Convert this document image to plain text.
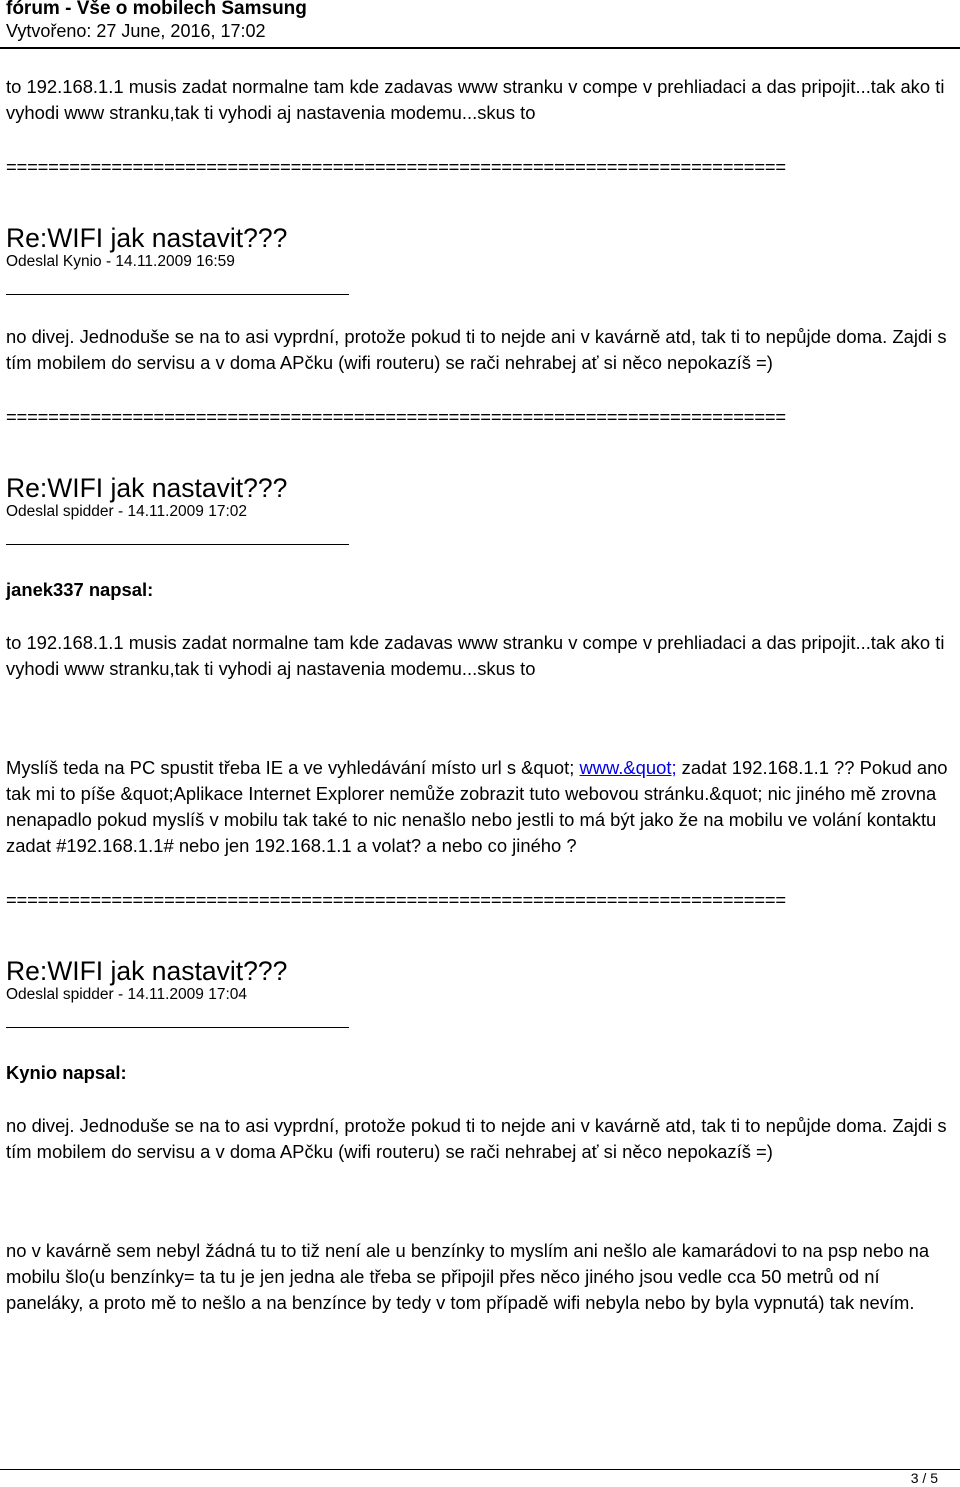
fórum - Vše o mobilech Samsung
Vytvořeno: 27 June, 2016, 17:02

to 192.168.1.1 musis zadat normalne tam kde zadavas www stranku v compe v prehliadaci a das pripojit...tak ako ti vyhodi www stranku,tak ti vyhodi aj nastavenia modemu...skus to

==========================================================================

Re:WIFI jak nastavit???

Odeslal Kynio - 14.11.2009 16:59

no divej. Jednoduše se na to asi vyprdní, protože pokud ti to nejde ani v kavárně atd, tak ti to nepůjde doma. Zajdi s tím mobilem do servisu a v doma APčku (wifi routeru) se rači nehrabej ať si něco nepokazíš =)

==========================================================================

Re:WIFI jak nastavit???

Odeslal spidder - 14.11.2009 17:02

janek337 napsal:

to 192.168.1.1 musis zadat normalne tam kde zadavas www stranku v compe v prehliadaci a das pripojit...tak ako ti vyhodi www stranku,tak ti vyhodi aj nastavenia modemu...skus to

Myslíš teda na PC spustit třeba IE a ve vyhledávání místo url s &quot; www.&quot; zadat 192.168.1.1 ?? Pokud ano tak mi to píše &quot;Aplikace Internet Explorer nemůže zobrazit tuto webovou stránku.&quot; nic jiného mě zrovna nenapadlo pokud myslíš v mobilu tak také to nic nenašlo nebo jestli to má být jako že na mobilu ve volání kontaktu zadat #192.168.1.1# nebo jen 192.168.1.1 a volat? a nebo co jiného ?

==========================================================================

Re:WIFI jak nastavit???

Odeslal spidder - 14.11.2009 17:04

Kynio napsal:

no divej. Jednoduše se na to asi vyprdní, protože pokud ti to nejde ani v kavárně atd, tak ti to nepůjde doma. Zajdi s tím mobilem do servisu a v doma APčku (wifi routeru) se rači nehrabej ať si něco nepokazíš =)

no v kavárně sem nebyl žádná tu to tiž není ale u benzínky to myslím ani nešlo ale kamarádovi to na psp nebo na mobilu šlo(u benzínky= ta tu je jen jedna ale třeba se připojil přes něco jiného jsou vedle cca 50 metrů od ní paneláky, a proto mě to nešlo a na benzínce by tedy v tom případě wifi nebyla nebo by byla vypnutá) tak nevím.

3 / 5
